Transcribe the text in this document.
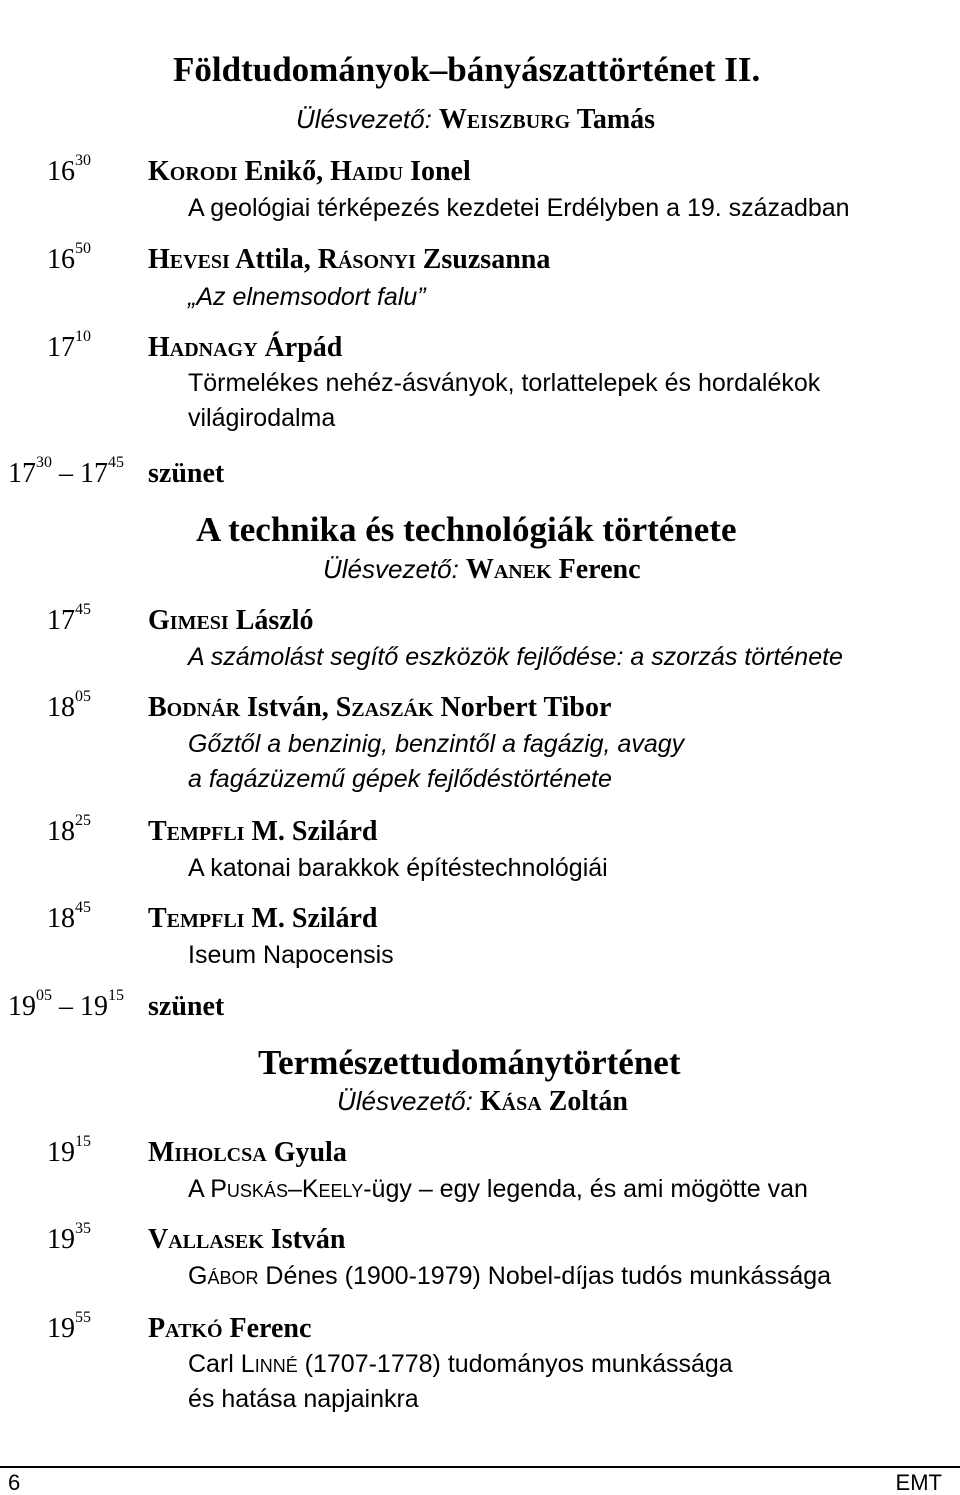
Földtudományok–bányászattörténet II.
Ülésvezető: Weiszburg Tamás
$16^{30}$ Korodi Enikő, Haidu Ionel
A geológiai térképezés kezdetei Erdélyben a 19. században
$16^{50}$ Hevesi Attila, Rásonyi Zsuzsanna
„Az elnemsodort falu”
$17^{10}$ Hadnagy Árpád
Törmelékes nehéz-ásványok, torlattelepek és hordalékok
világirodalma
$17^{30} - 17^{45}$ szünet
A technika és technológiák története
Ülésvezető: Wanek Ferenc
$17^{45}$ Gimesi László
A számolást segítő eszközök fejlődése: a szorzás története
$18^{05}$ Bodnár István, Szaszák Norbert Tibor
Gőztől a benzinig, benzintől a fagázig, avagy
a fagázüzemű gépek fejlődéstörténete
$18^{25}$ Tempfli M. Szilárd
A katonai barakkok építéstechnológiái
$18^{45}$ Tempfli M. Szilárd
Iseum Napocensis
$19^{05} - 19^{15}$ szünet
Természettudománytörténet
Ülésvezető: Kása Zoltán
$19^{15}$ Miholcsa Gyula
A Puskás–Keely-ügy – egy legenda, és ami mögötte van
$19^{35}$ Vallasek István
Gábor Dénes (1900-1979) Nobel-díjas tudós munkássága
$19^{55}$ Patkó Ferenc
Carl Linné (1707-1778) tudományos munkássága
és hatása napjainkra
6	EMT
